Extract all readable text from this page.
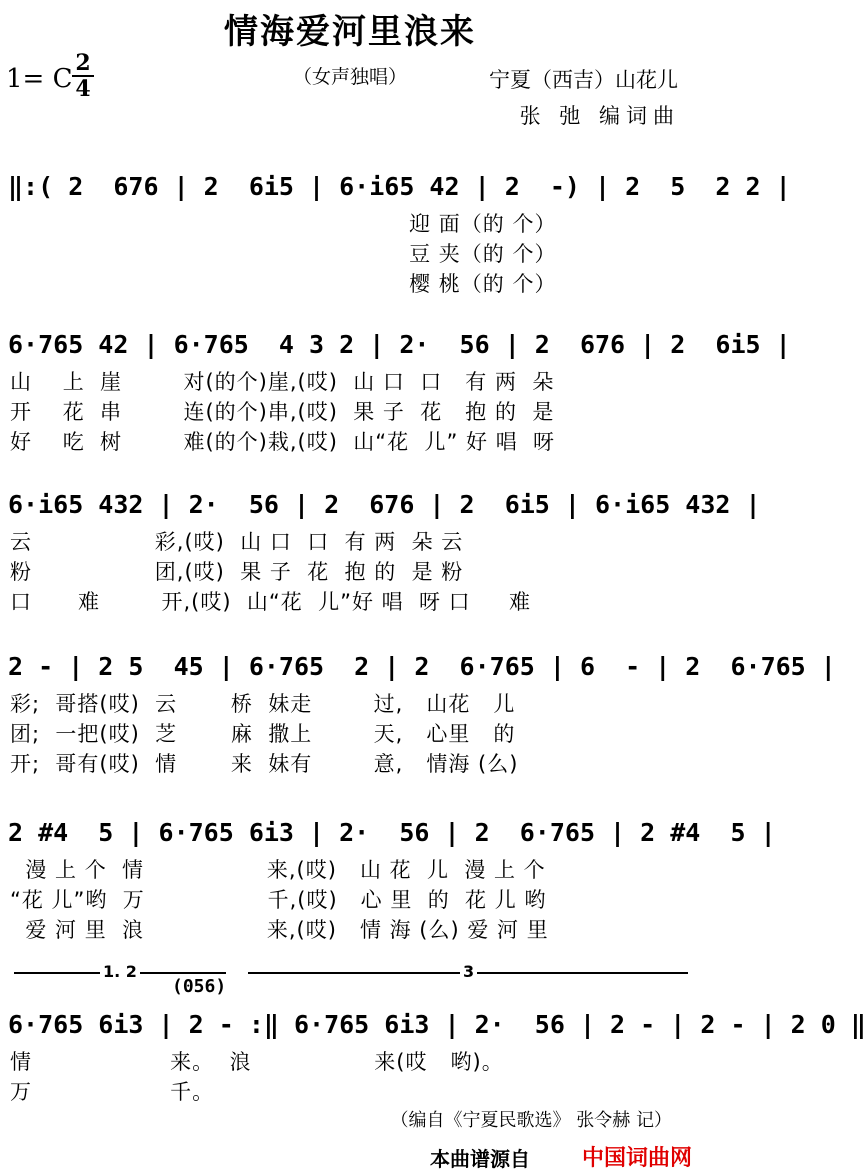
情海爱河里浪来
（女声独唱）
1= C
2
4	宁夏（西吉）山花儿
张 弛 编词曲
‖:( 2  676 | 2  6i5 | 6·i65 42 | 2  -) | 2  5  2 2 |
迎 面（的 个）
豆 夹（的 个）
樱 桃（的 个）
6·765 42 | 6·765  4 3 2 | 2·  56 | 2  676 | 2  6i5 |
山    上  崖        对(的个)崖,(哎)  山 口  口   有 两  朵
开    花  串        连(的个)串,(哎)  果 子  花   抱 的  是
好    吃  树        难(的个)栽,(哎)  山“花  儿” 好 唱  呀
6·i65 432 | 2·  56 | 2  676 | 2  6i5 | 6·i65 432 |
云                彩,(哎)  山 口  口  有 两  朵 云
粉                团,(哎)  果 子  花  抱 的  是 粉
口      难        开,(哎)  山“花  儿”好 唱  呀 口     难
2 - | 2 5  45 | 6·765  2 | 2  6·765 | 6  - | 2  6·765 |
彩;  哥搭(哎)  云       桥  妹走        过,   山花   儿
团;  一把(哎)  芝       麻  撒上        天,   心里   的
开;  哥有(哎)  情       来  妹有        意,   情海 (么)
2 #4  5 | 6·765 6i3 | 2·  56 | 2  6·765 | 2 #4  5 |
漫 上 个  情                来,(哎)   山 花  儿  漫 上 个
“花 儿”哟  万                千,(哎)   心 里  的  花 儿 哟
爱 河 里  浪                来,(哎)   情 海 (么) 爱 河 里
6·765 6i3 | 2 - :‖ 6·765 6i3 | 2·  56 | 2 - | 2 - | 2 0 ‖
情                  来。  浪                来(哎   哟)。
万                  千。
1. 2	3
(056)
（编自《宁夏民歌选》 张令赫 记）
本曲谱源自 中国词曲网
